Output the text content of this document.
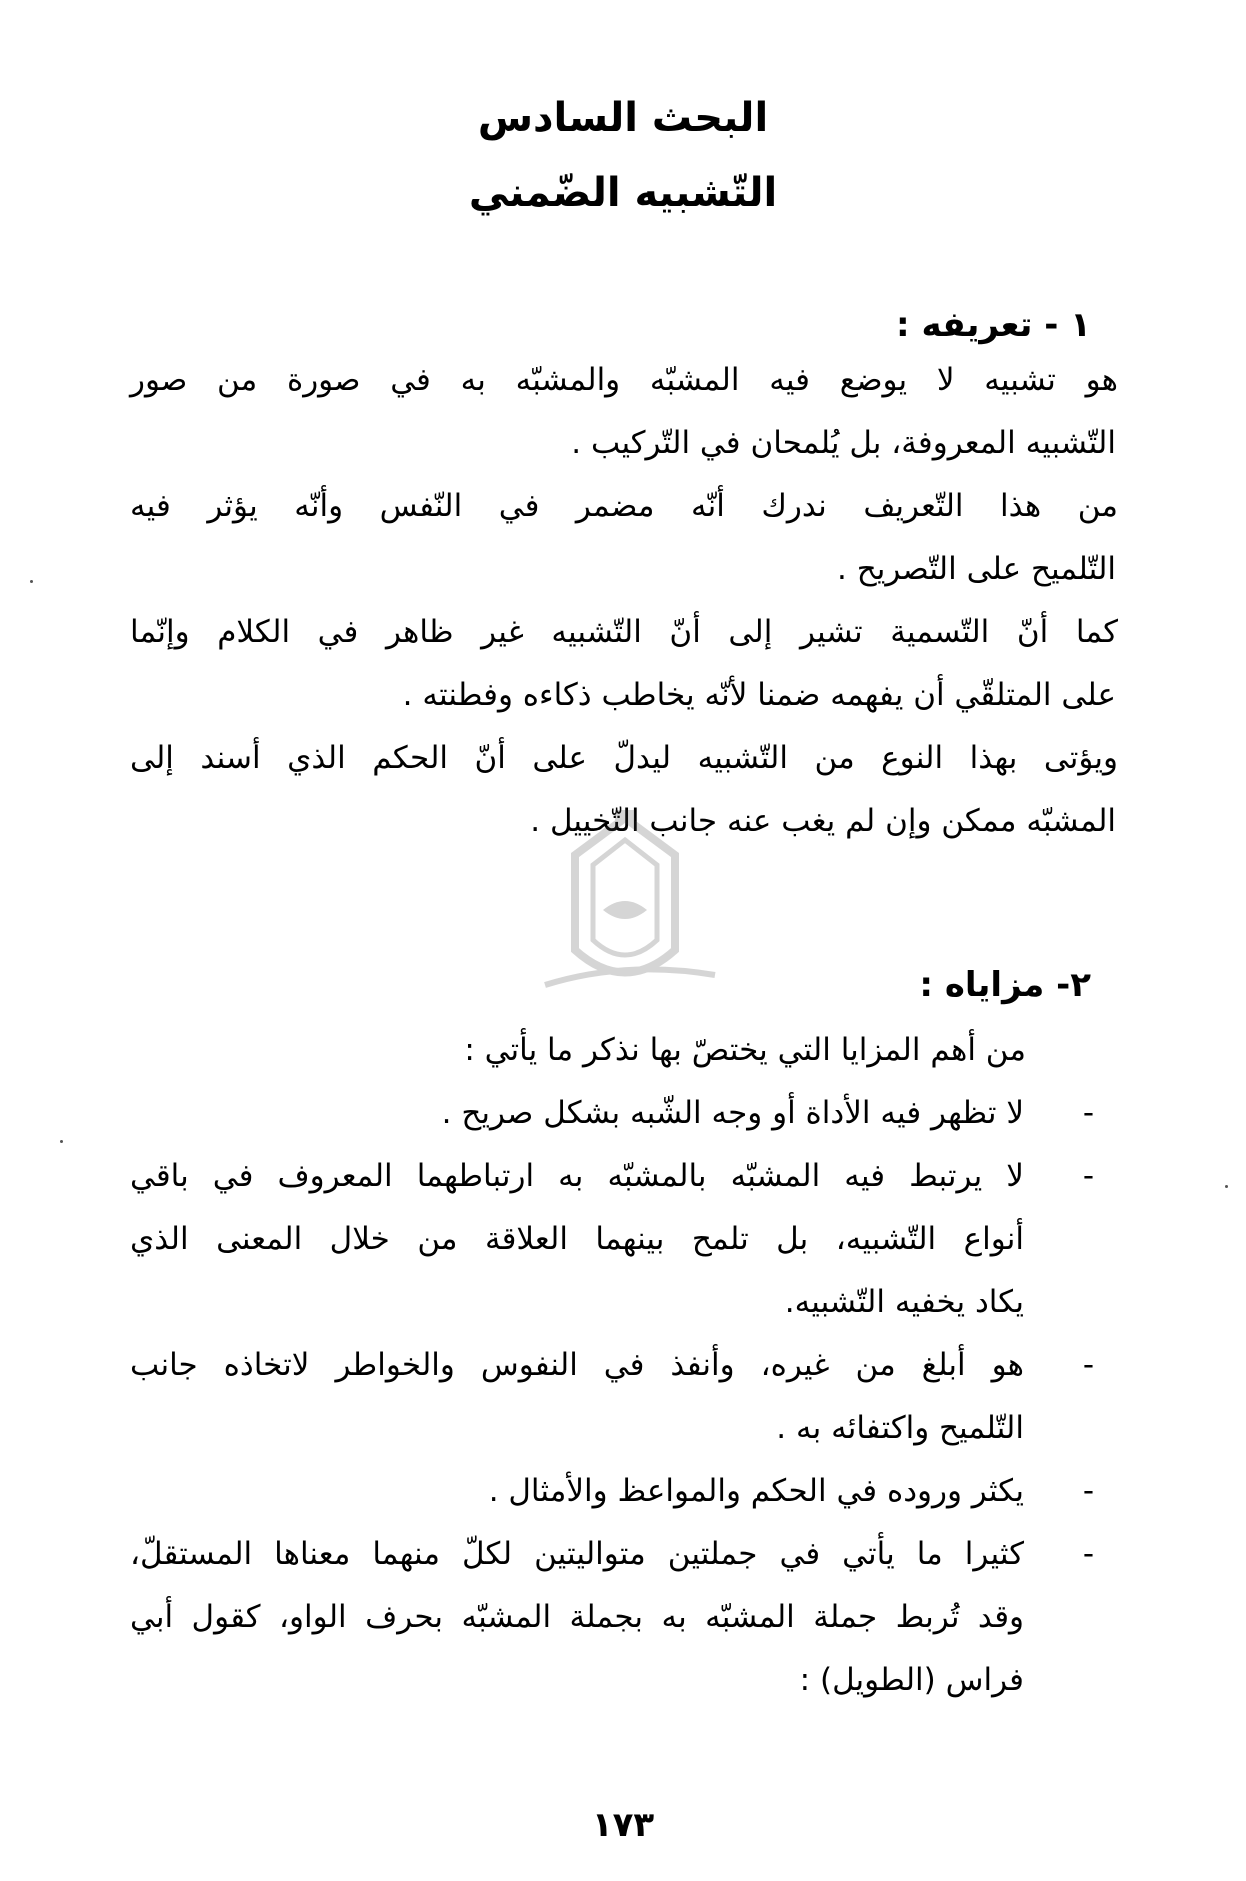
البحث السادس
التّشبيه الضّمني
١ - تعريفه :
هو تشبيه لا يوضع فيه المشبّه والمشبّه به في صورة من صور
التّشبيه المعروفة، بل يُلمحان في التّركيب .
من هذا التّعريف ندرك أنّه مضمر في النّفس وأنّه يؤثر فيه
التّلميح على التّصريح .
كما أنّ التّسمية تشير إلى أنّ التّشبيه غير ظاهر في الكلام وإنّما
على المتلقّي أن يفهمه ضمنا لأنّه يخاطب ذكاءه وفطنته .
ويؤتى بهذا النوع من التّشبيه ليدلّ على أنّ الحكم الذي أسند إلى
المشبّه ممكن وإن لم يغب عنه جانب التّخييل .
٢- مزاياه :
من أهم المزايا التي يختصّ بها نذكر ما يأتي :
-
لا تظهر فيه الأداة أو وجه الشّبه بشكل صريح .
-
لا يرتبط فيه المشبّه بالمشبّه به ارتباطهما المعروف في باقي
أنواع التّشبيه، بل تلمح بينهما العلاقة من خلال المعنى الذي
يكاد يخفيه التّشبيه.
-
هو أبلغ من غيره، وأنفذ في النفوس والخواطر لاتخاذه جانب
التّلميح واكتفائه به .
-
يكثر وروده في الحكم والمواعظ والأمثال .
-
كثيرا ما يأتي في جملتين متواليتين لكلّ منهما معناها المستقلّ،
وقد تُربط جملة المشبّه به بجملة المشبّه بحرف الواو، كقول أبي
فراس (الطويل) :
١٧٣
